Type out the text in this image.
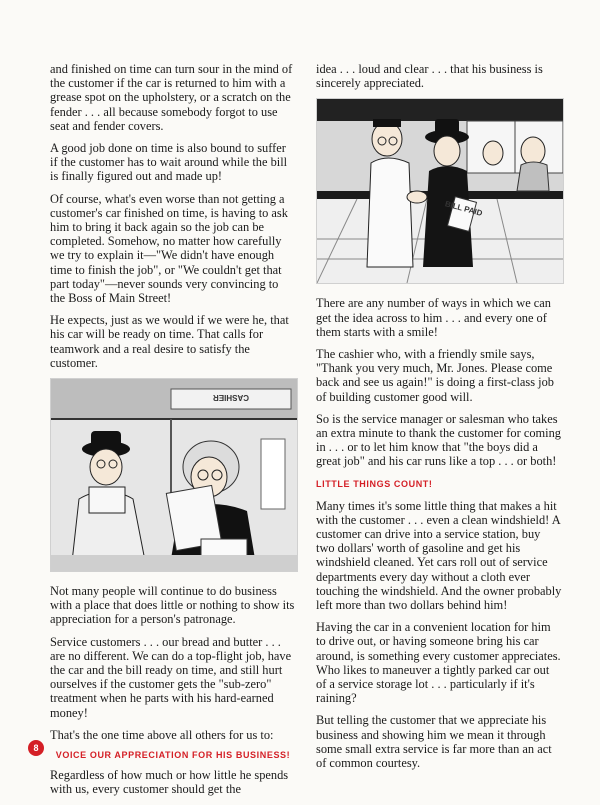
and finished on time can turn sour in the mind of the customer if the car is returned to him with a grease spot on the upholstery, or a scratch on the fender . . . all because somebody forgot to use seat and fender covers.

A good job done on time is also bound to suffer if the customer has to wait around while the bill is finally figured out and made up!

Of course, what's even worse than not getting a customer's car finished on time, is having to ask him to bring it back again so the job can be completed. Somehow, no matter how carefully we try to explain it—"We didn't have enough time to finish the job", or "We couldn't get that part today"—never sounds very convincing to the Boss of Main Street!

He expects, just as we would if we were he, that his car will be ready on time. That calls for teamwork and a real desire to satisfy the customer.

CASHIER

Not many people will continue to do business with a place that does little or nothing to show its appreciation for a person's patronage.

Service customers . . . our bread and butter . . . are no different. We can do a top-flight job, have the car and the bill ready on time, and still hurt ourselves if the customer gets the "sub-zero" treatment when he parts with his hard-earned money!

That's the one time above all others for us to:

VOICE OUR APPRECIATION FOR HIS BUSINESS!

Regardless of how much or how little he spends with us, every customer should get the

idea . . . loud and clear . . . that his business is sincerely appreciated.

BILL PAID

There are any number of ways in which we can get the idea across to him . . . and every one of them starts with a smile!

The cashier who, with a friendly smile says, "Thank you very much, Mr. Jones. Please come back and see us again!" is doing a first-class job of building customer good will.

So is the service manager or salesman who takes an extra minute to thank the customer for coming in . . . or to let him know that "the boys did a great job" and his car runs like a top . . . or both!

LITTLE THINGS COUNT!

Many times it's some little thing that makes a hit with the customer . . . even a clean windshield! A customer can drive into a service station, buy two dollars' worth of gasoline and get his windshield cleaned. Yet cars roll out of service departments every day without a cloth ever touching the windshield. And the owner probably left more than two dollars behind him!

Having the car in a convenient location for him to drive out, or having someone bring his car around, is something every customer appreciates. Who likes to maneuver a tightly parked car out of a service storage lot . . . particularly if it's raining?

But telling the customer that we appreciate his business and showing him we mean it through some small extra service is far more than an act of common courtesy.

8
